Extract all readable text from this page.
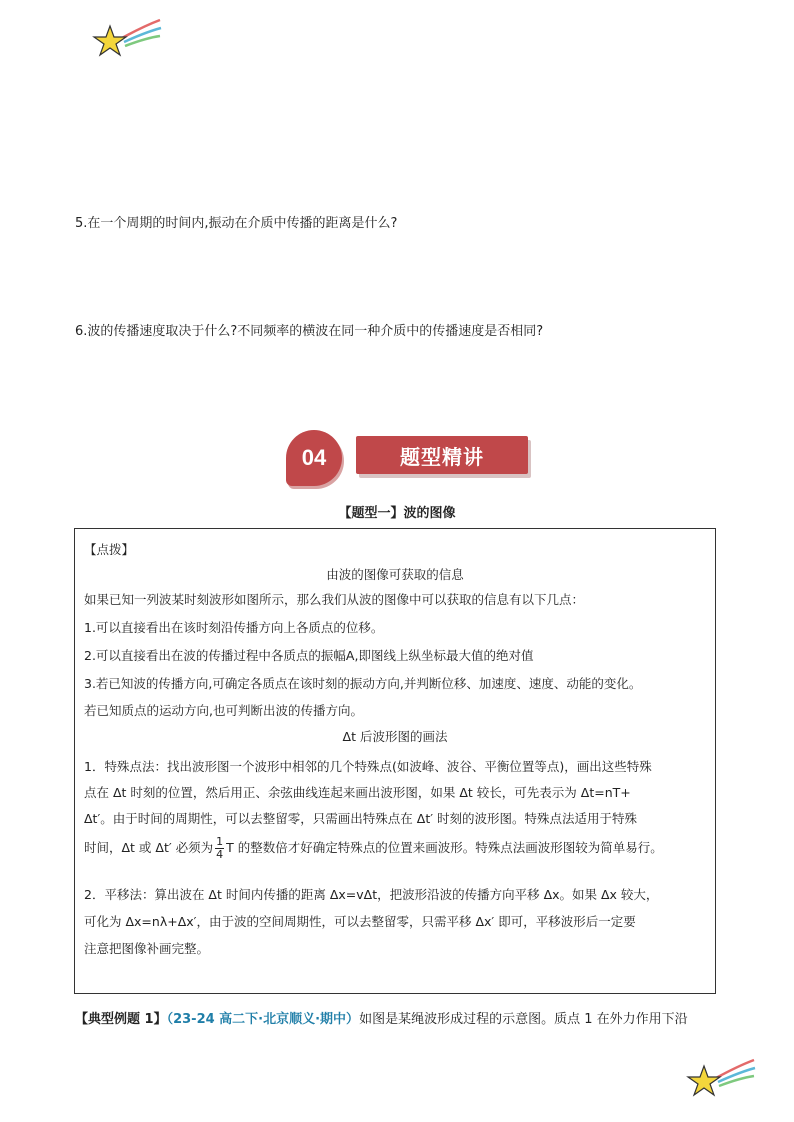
5.在一个周期的时间内,振动在介质中传播的距离是什么?
6.波的传播速度取决于什么?不同频率的横波在同一种介质中的传播速度是否相同?
04	题型精讲
【题型一】波的图像
【点拨】
由波的图像可获取的信息
如果已知一列波某时刻波形如图所示，那么我们从波的图像中可以获取的信息有以下几点：
1.可以直接看出在该时刻沿传播方向上各质点的位移。
2.可以直接看出在波的传播过程中各质点的振幅A,即图线上纵坐标最大值的绝对值
3.若已知波的传播方向,可确定各质点在该时刻的振动方向,并判断位移、加速度、速度、动能的变化。
若已知质点的运动方向,也可判断出波的传播方向。
Δt 后波形图的画法
1．特殊点法：找出波形图一个波形中相邻的几个特殊点(如波峰、波谷、平衡位置等点)，画出这些特殊
点在 Δt 时刻的位置，然后用正、余弦曲线连起来画出波形图，如果 Δt 较长，可先表示为 Δt=nT+
Δt′。由于时间的周期性，可以去整留零，只需画出特殊点在 Δt′ 时刻的波形图。特殊点法适用于特殊
时间，Δt 或 Δt′ 必须为 $\frac{1}{4}$ T 的整数倍才好确定特殊点的位置来画波形。特殊点法画波形图较为简单易行。
2．平移法：算出波在 Δt 时间内传播的距离 Δx=vΔt，把波形沿波的传播方向平移 Δx。如果 Δx 较大，
可化为 Δx=nλ+Δx′，由于波的空间周期性，可以去整留零，只需平移 Δx′ 即可，平移波形后一定要
注意把图像补画完整。
【典型例题 1】（23-24 高二下·北京顺义·期中）如图是某绳波形成过程的示意图。质点 1 在外力作用下沿
